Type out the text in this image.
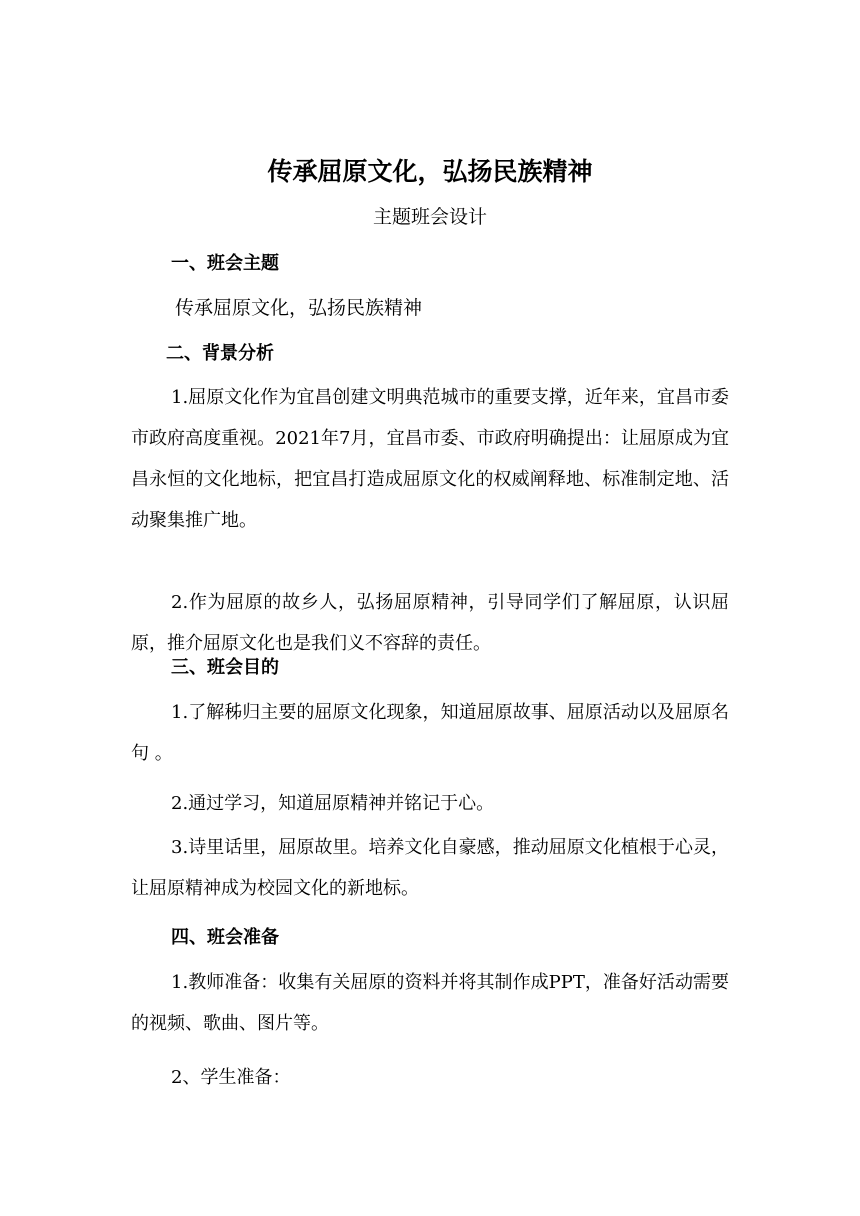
传承屈原文化，弘扬民族精神

主题班会设计

一、班会主题

传承屈原文化，弘扬民族精神

二、背景分析

1.屈原文化作为宜昌创建文明典范城市的重要支撑，近年来，宜昌市委市政府高度重视。2021年7月，宜昌市委、市政府明确提出：让屈原成为宜昌永恒的文化地标，把宜昌打造成屈原文化的权威阐释地、标准制定地、活动聚集推广地。

2.作为屈原的故乡人，弘扬屈原精神，引导同学们了解屈原，认识屈原，推介屈原文化也是我们义不容辞的责任。

三、班会目的

1.了解秭归主要的屈原文化现象，知道屈原故事、屈原活动以及屈原名句 。

2.通过学习，知道屈原精神并铭记于心。

3.诗里话里，屈原故里。培养文化自豪感，推动屈原文化植根于心灵，让屈原精神成为校园文化的新地标。

四、班会准备

1.教师准备：收集有关屈原的资料并将其制作成PPT，准备好活动需要的视频、歌曲、图片等。

2、学生准备：
